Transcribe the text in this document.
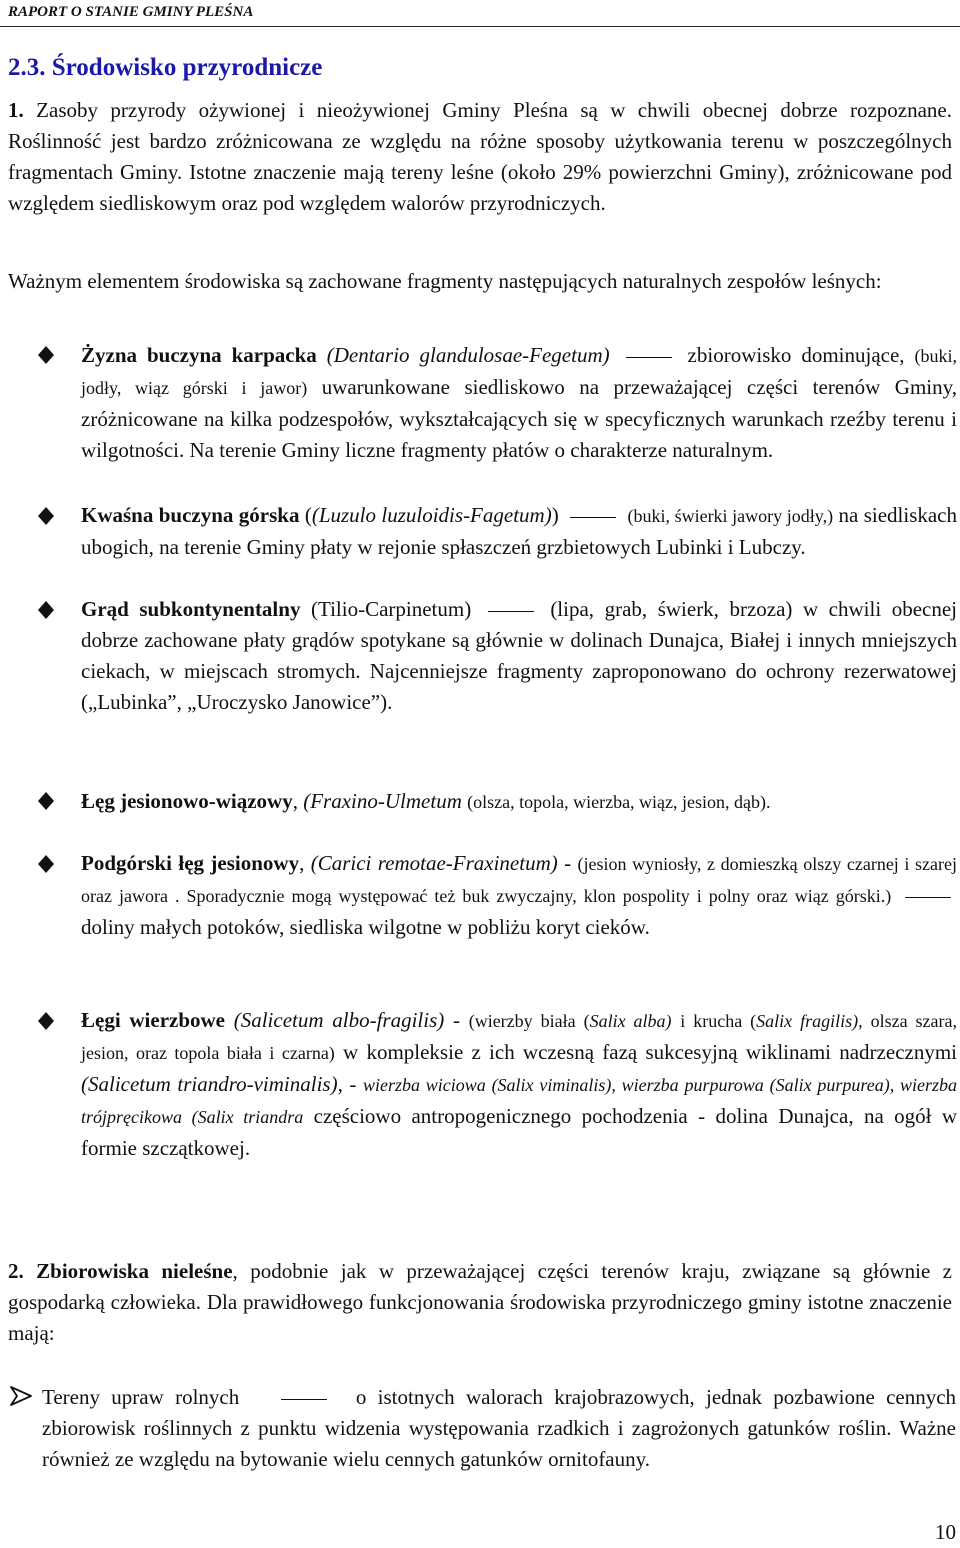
RAPORT O STANIE GMINY PLEŚNA
2.3. Środowisko przyrodnicze
1. Zasoby przyrody ożywionej i nieożywionej Gminy Pleśna są w chwili obecnej dobrze rozpoznane. Roślinność jest bardzo zróżnicowana ze względu na różne sposoby użytkowania terenu w poszczególnych fragmentach Gminy. Istotne znaczenie mają tereny leśne (około 29% powierzchni Gminy), zróżnicowane pod względem siedliskowym oraz pod względem walorów przyrodniczych.
Ważnym elementem środowiska są zachowane fragmenty następujących naturalnych zespołów leśnych:
Żyzna buczyna karpacka (Dentario glandulosae-Fegetum)	zbiorowisko dominujące, (buki, jodły, wiąz górski i jawor) uwarunkowane siedliskowo na przeważającej części terenów Gminy, zróżnicowane na kilka podzespołów, wykształcających się w specyficznych warunkach rzeźby terenu i wilgotności. Na terenie Gminy liczne fragmenty płatów o charakterze naturalnym.
Kwaśna buczyna górska ((Luzulo luzuloidis-Fagetum))	(buki, świerki jawory jodły,) na siedliskach ubogich, na terenie Gminy płaty w rejonie spłaszczeń grzbietowych Lubinki i Lubczy.
Grąd subkontynentalny (Tilio-Carpinetum)	(lipa, grab, świerk, brzoza) w chwili obecnej dobrze zachowane płaty grądów spotykane są głównie w dolinach Dunajca, Białej i innych mniejszych ciekach, w miejscach stromych. Najcenniejsze fragmenty zaproponowano do ochrony rezerwatowej („Lubinka”, „Uroczysko Janowice”).
Łęg jesionowo-wiązowy, (Fraxino-Ulmetum (olsza, topola, wierzba, wiąz, jesion, dąb).
Podgórski łęg jesionowy, (Carici remotae-Fraxinetum) - (jesion wyniosły, z domieszką olszy czarnej i szarej oraz jawora . Sporadycznie mogą występować też buk zwyczajny, klon pospolity i polny oraz wiąz górski.)  doliny małych potoków, siedliska wilgotne w pobliżu koryt cieków.
Łęgi wierzbowe (Salicetum albo-fragilis) - (wierzby biała (Salix alba) i krucha (Salix fragilis), olsza szara, jesion, oraz topola biała i czarna) w kompleksie z ich wczesną fazą sukcesyjną wiklinami nadrzecznymi (Salicetum triandro-viminalis), - wierzba wiciowa (Salix viminalis), wierzba purpurowa (Salix purpurea), wierzba trójpręcikowa (Salix triandra częściowo antropogenicznego pochodzenia - dolina Dunajca, na ogół w formie szczątkowej.
2. Zbiorowiska nieleśne, podobnie jak w przeważającej części terenów kraju, związane są głównie z gospodarką człowieka. Dla prawidłowego funkcjonowania środowiska przyrodniczego gminy istotne znaczenie mają:
Tereny upraw rolnych	o istotnych walorach krajobrazowych, jednak pozbawione cennych zbiorowisk roślinnych z punktu widzenia występowania rzadkich i zagrożonych gatunków roślin. Ważne również ze względu na bytowanie wielu cennych gatunków ornitofauny.
10
